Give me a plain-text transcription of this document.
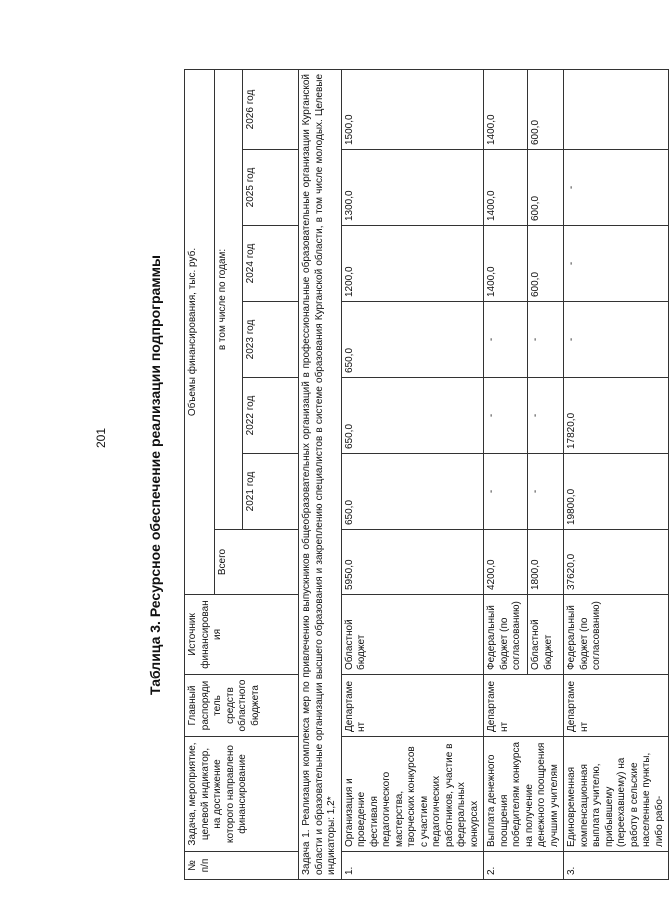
201	Таблица 3. Ресурсное обеспечение реализации подпрограммы
№ п/п	Задача, мероприятие, целевой индикатор, на достижение которого направлено финансирование	Главный распорядитель средств областного бюджета	Источник финансирования	Объемы финансирования, тыс. руб.						
				Всего	в том числе по годам:					
					2021 год	2022 год	2023 год	2024 год	2025 год	2026 год
Задача 1. Реализация комплекса мер по привлечению выпускников общеобразовательных организаций в профессиональные образовательные организации Курганской области и образовательные организации высшего образования и закреплению специалистов в системе образования Курганской области, в том числе молодых. Целевые индикаторы: 1,2*										
1.	Организация и проведение фестиваля педагогического мастерства, творческих конкурсов с участием педагогических работников, участие в федеральных конкурсах	Департамент	Областной бюджет	5950,0	650,0	650,0	650,0	1200,0	1300,0	1500,0
2.	Выплата денежного поощрения победителям конкурса на получение денежного поощрения лучшим учителям	Департамент	Федеральный бюджет (по согласованию)	4200,0	-	-	-	1400,0	1400,0	1400,0
			Областной бюджет	1800,0	-	-	-	600,0	600,0	600,0
3.	Единовременная компенсационная выплата учителю, прибывшему (переехавшему) на работу в сельские населенные пункты, либо рабо-	Департамент	Федеральный бюджет (по согласованию)	37620,0	19800,0	17820,0	-	-	-	
